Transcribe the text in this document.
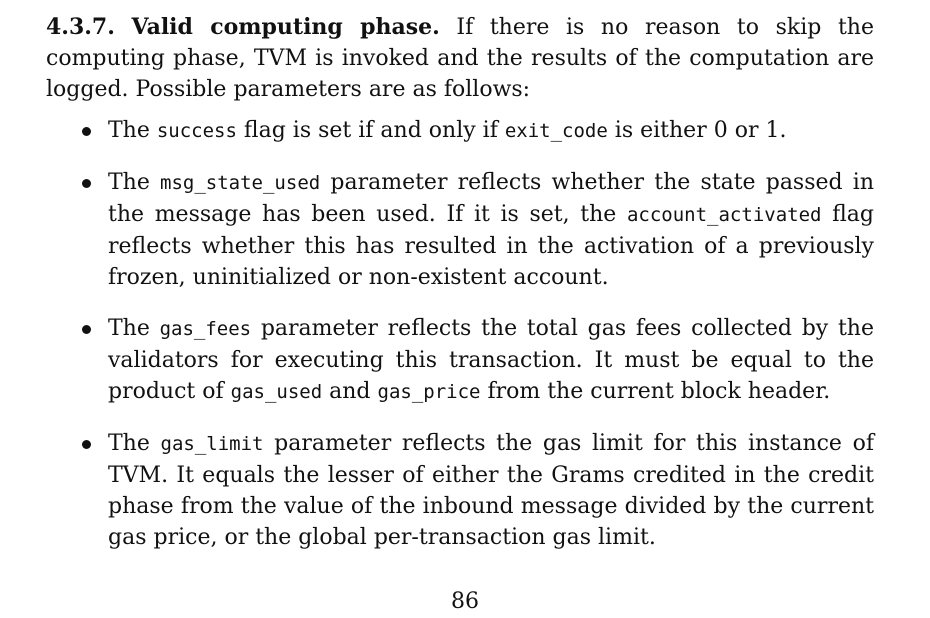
4.3.7. Valid computing phase. If there is no reason to skip the computing phase, TVM is invoked and the results of the computation are logged. Possible parameters are as follows:

The success flag is set if and only if exit_code is either 0 or 1.

The msg_state_used parameter reflects whether the state passed in the message has been used. If it is set, the account_activated flag reflects whether this has resulted in the activation of a previously frozen, uninitialized or non-existent account.

The gas_fees parameter reflects the total gas fees collected by the validators for executing this transaction. It must be equal to the product of gas_used and gas_price from the current block header.

The gas_limit parameter reflects the gas limit for this instance of TVM. It equals the lesser of either the Grams credited in the credit phase from the value of the inbound message divided by the current gas price, or the global per-transaction gas limit.

86
